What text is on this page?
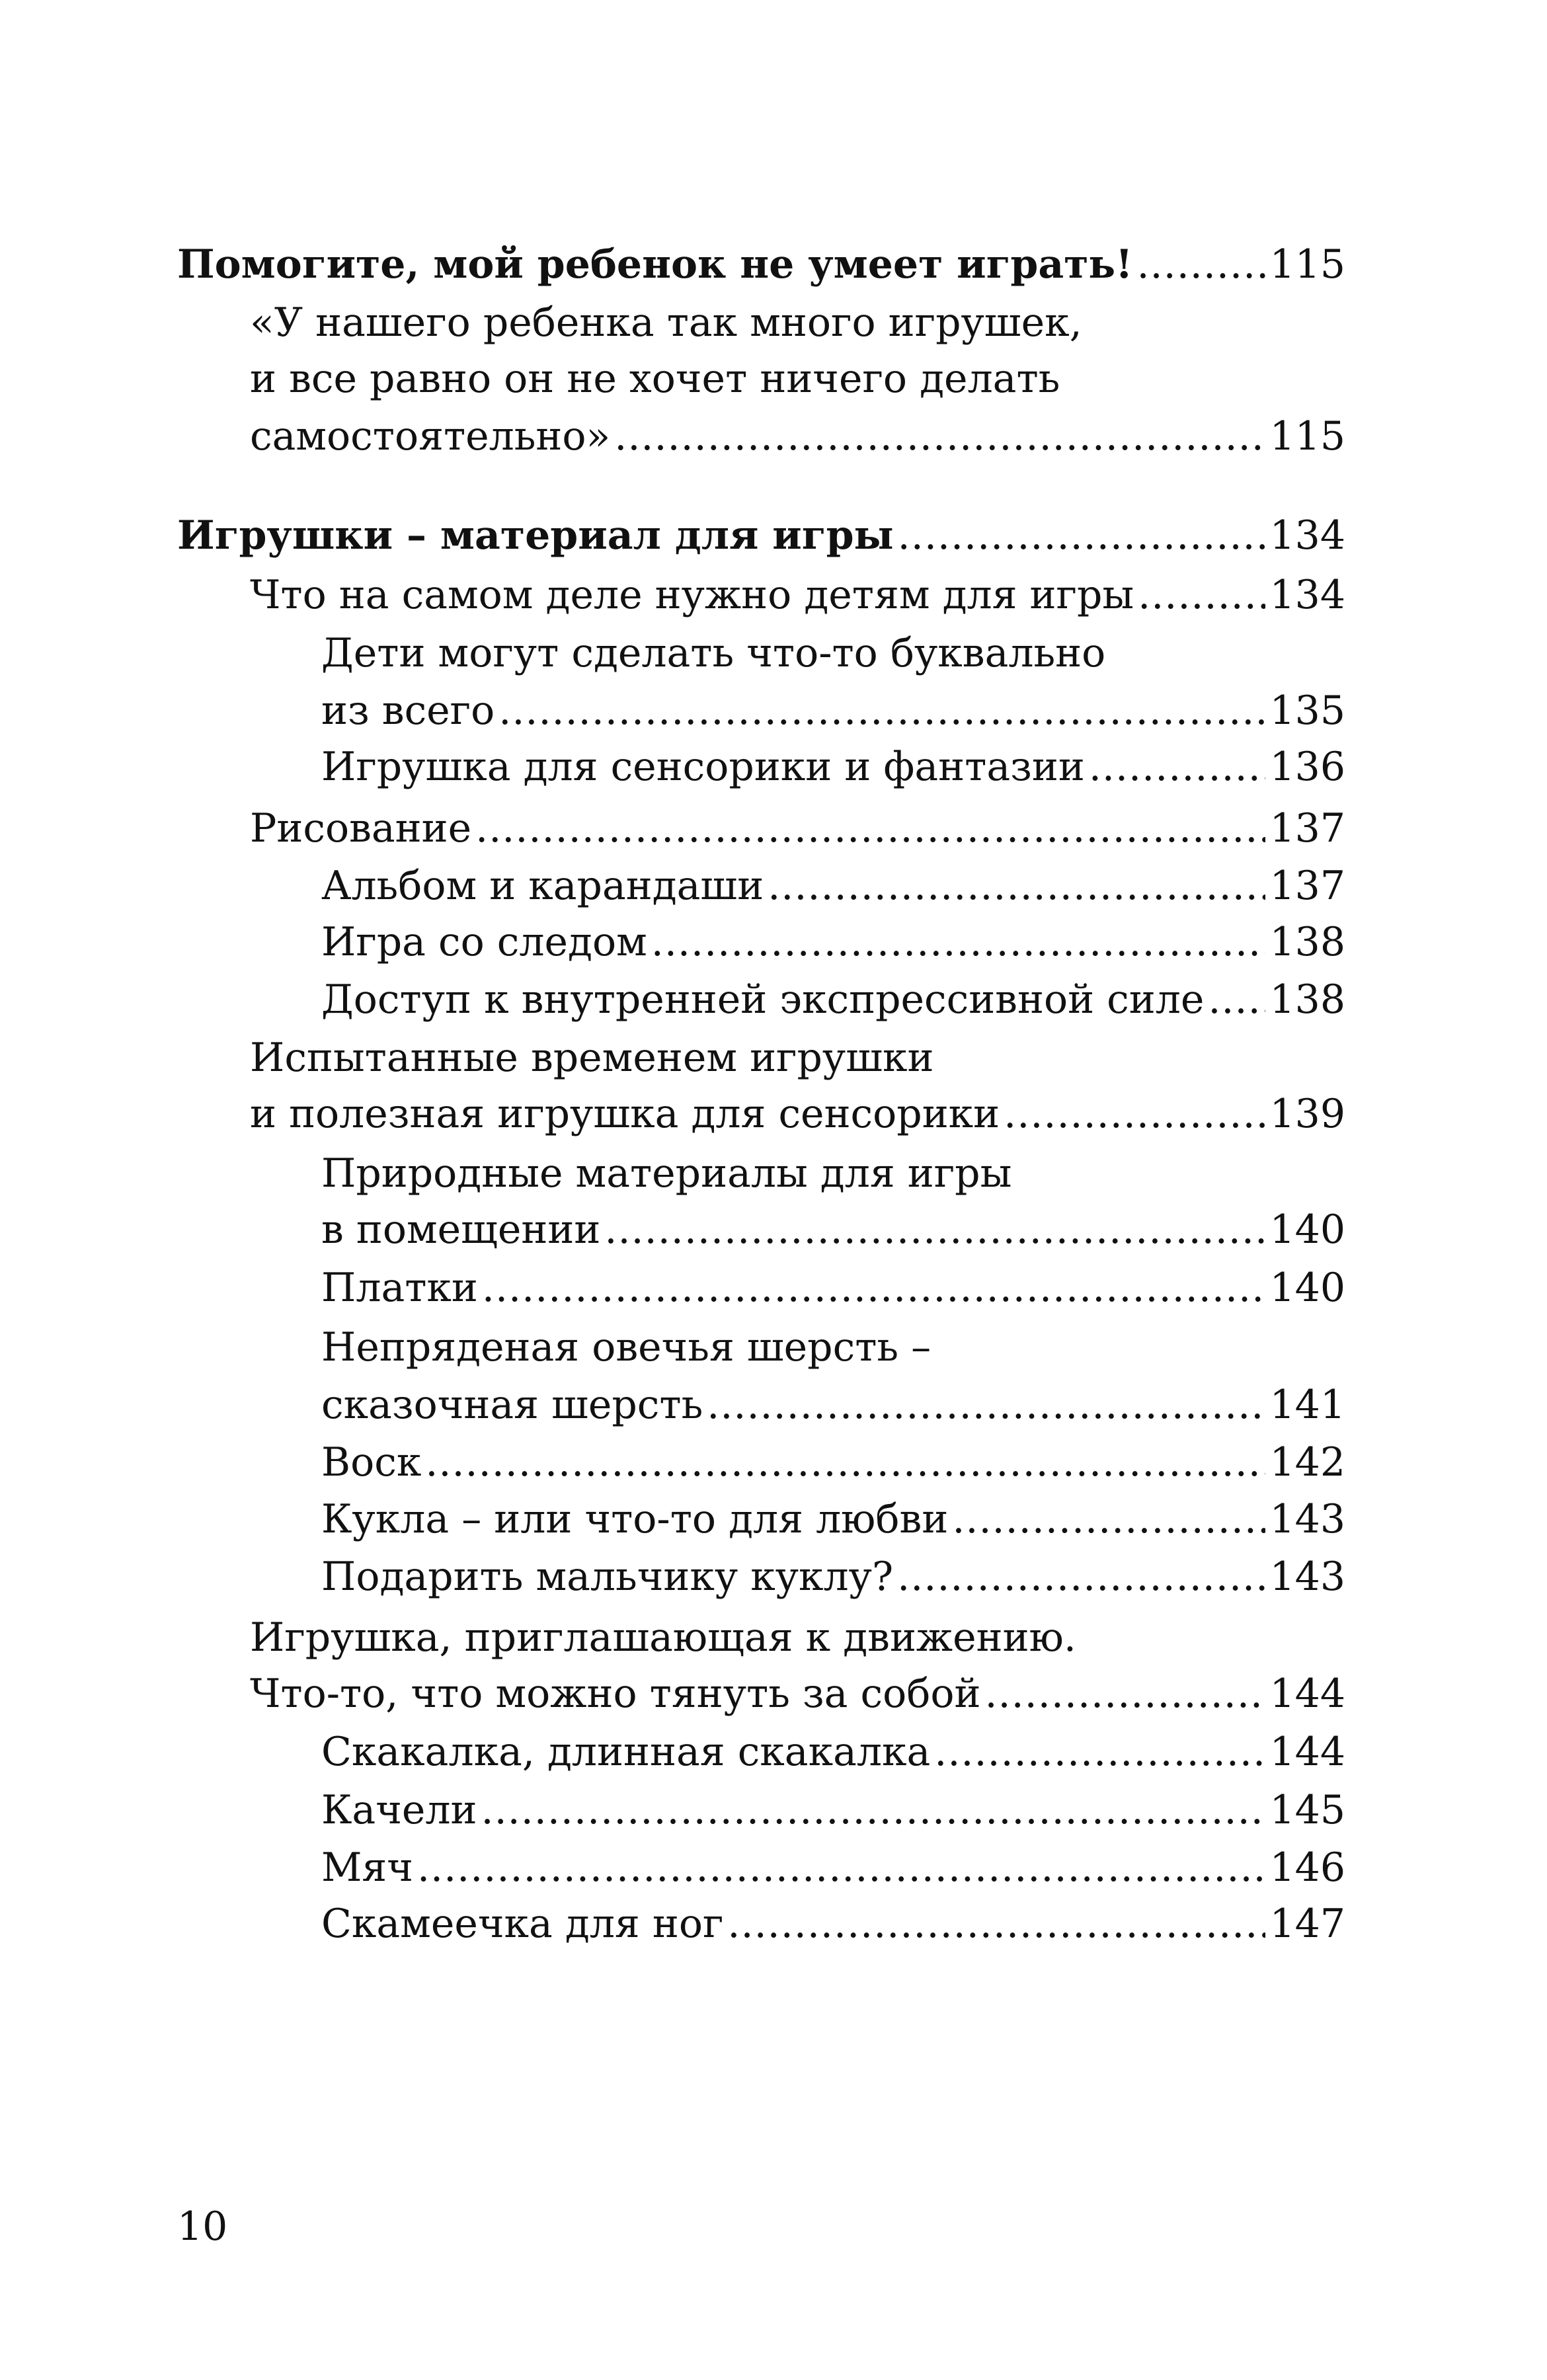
Помогите, мой ребенок не умеет играть! .....	115
«У нашего ребенка так много игрушек,
и все равно он не хочет ничего делать
самостоятельно» .....	115
Игрушки – материал для игры .....	134
Что на самом деле нужно детям для игры .....	134
Дети могут сделать что-то буквально
из всего .....	135
Игрушка для сенсорики и фантазии .....	136
Рисование .....	137
Альбом и карандаши .....	137
Игра со следом .....	138
Доступ к внутренней экспрессивной силе ..... 138
Испытанные временем игрушки
и полезная игрушка для сенсорики .....	139
Природные материалы для игры
в помещении .....	140
Платки .....	140
Непряденая овечья шерсть –
сказочная шерсть .....	141
Воск .....	142
Кукла – или что-то для любви .....	143
Подарить мальчику куклу? .....	143
Игрушка, приглашающая к движению.
Что-то, что можно тянуть за собой .....	144
Скакалка, длинная скакалка .....	144
Качели .....	145
Мяч .....	146
Скамеечка для ног .....	147
10
